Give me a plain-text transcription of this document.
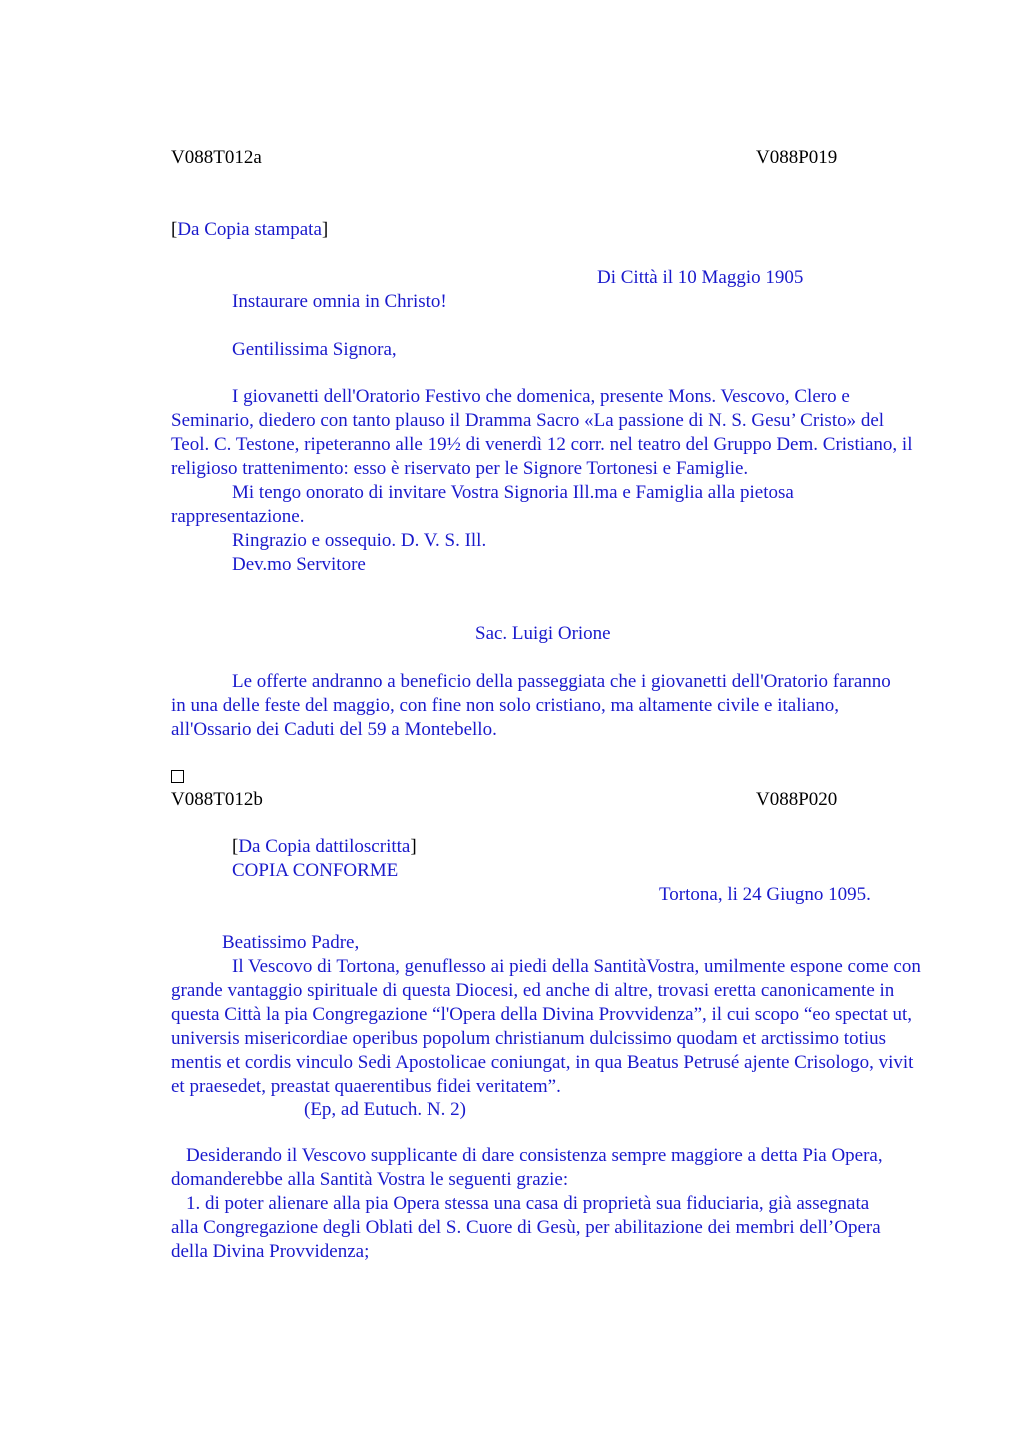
V088T012a	V088P019
[Da Copia stampata]
Di Città il 10 Maggio 1905
Instaurare omnia in Christo!
Gentilissima Signora,

I giovanetti dell'Oratorio Festivo che domenica, presente Mons. Vescovo, Clero e Seminario, diedero con tanto plauso il Dramma Sacro «La passione di N. S. Gesu’ Cristo» del Teol. C. Testone, ripeteranno alle 19½ di venerdì 12 corr. nel teatro del Gruppo Dem. Cristiano, il religioso trattenimento: esso è riservato per le Signore Tortonesi e Famiglie.

Mi tengo onorato di invitare Vostra Signoria Ill.ma e Famiglia alla pietosa rappresentazione.

Ringrazio e ossequio. D. V. S. Ill.

Dev.mo Servitore

Sac. Luigi Orione

Le offerte andranno a beneficio della passeggiata che i giovanetti dell'Oratorio faranno in una delle feste del maggio, con fine non solo cristiano, ma altamente civile e italiano, all'Ossario dei Caduti del 59 a Montebello.

V088T012b	V088P020
[Da Copia dattiloscritta]
COPIA CONFORME
Tortona, li 24 Giugno 1095.
Beatissimo Padre,

Il Vescovo di Tortona, genuflesso ai piedi della SantitàVostra, umilmente espone come con grande vantaggio spirituale di questa Diocesi, ed anche di altre, trovasi eretta canonicamente in questa Città la pia Congregazione “l'Opera della Divina Provvidenza”, il cui scopo “eo spectat ut, universis misericordiae operibus popolum christianum dulcissimo quodam et arctissimo totius mentis et cordis vinculo Sedi Apostolicae coniungat, in qua Beatus Petrusé ajente Crisologo, vivit et praesedet, preastat quaerentibus fidei veritatem”.

(Ep, ad Eutuch. N. 2)

Desiderando il Vescovo supplicante di dare consistenza sempre maggiore a detta Pia Opera, domanderebbe alla Santità Vostra le seguenti grazie:

1. di poter alienare alla pia Opera stessa una casa di proprietà sua fiduciaria, già assegnata alla Congregazione degli Oblati del S. Cuore di Gesù, per abilitazione dei membri dell’Opera della Divina Provvidenza;
